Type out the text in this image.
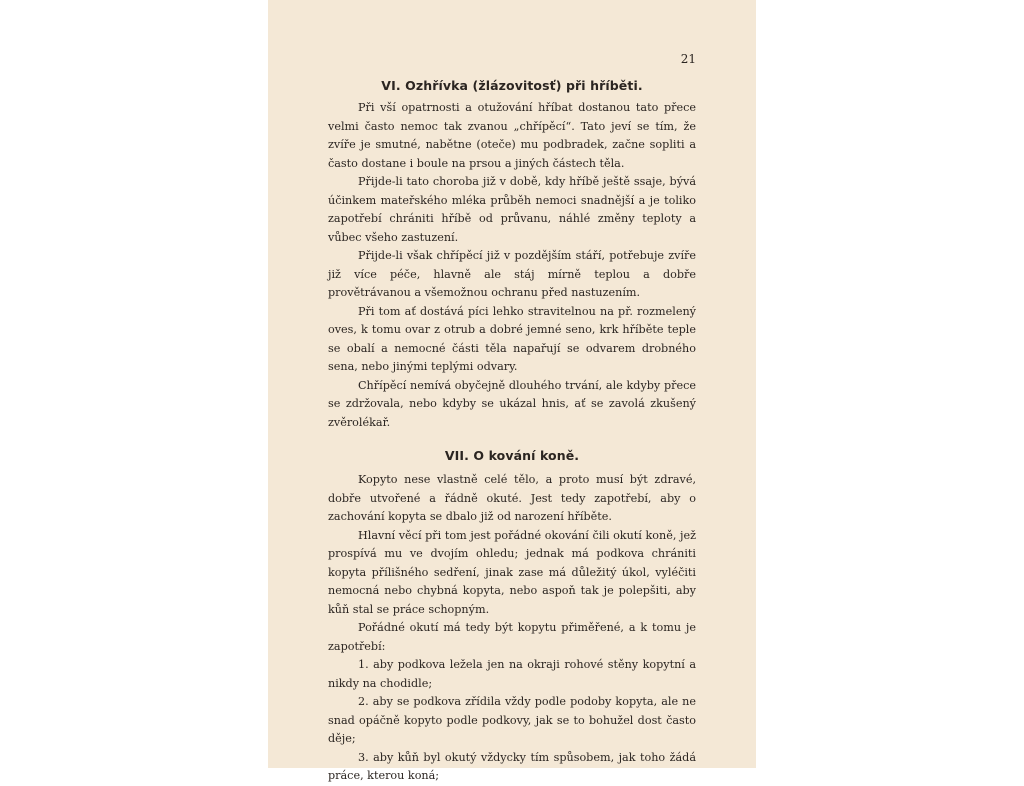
21

VI. Ozhřívka (žlázovitosť) při hříběti.

Při vší opatrnosti a otužování hříbat dostanou tato přece velmi často nemoc tak zvanou „chřípěcí“. Tato jeví se tím, že zvíře je smutné, nabětne (oteče) mu podbradek, začne sopliti a často dostane i boule na prsou a jiných částech těla.

Přijde-li tato choroba již v době, kdy hříbě ještě ssaje, bývá účinkem mateřského mléka průběh nemoci snadnější a je toliko zapotřebí chrániti hříbě od průvanu, náhlé změny teploty a vůbec všeho zastuzení.

Přijde-li však chřípěcí již v pozdějším stáří, potřebuje zvíře již více péče, hlavně ale stáj mírně teplou a dobře provětrávanou a všemožnou ochranu před nastuzením.

Při tom ať dostává píci lehko stravitelnou na př. rozmelený oves, k tomu ovar z otrub a dobré jemné seno, krk hříběte teple se obalí a nemocné části těla napařují se odvarem drobného sena, nebo jinými teplými odvary.

Chřípěcí nemívá obyčejně dlouhého trvání, ale kdyby přece se zdržovala, nebo kdyby se ukázal hnis, ať se zavolá zkušený zvěrolékař.

VII. O kování koně.

Kopyto nese vlastně celé tělo, a proto musí být zdravé, dobře utvořené a řádně okuté. Jest tedy zapotřebí, aby o zachování kopyta se dbalo již od narození hříběte.

Hlavní věcí při tom jest pořádné okování čili okutí koně, jež prospívá mu ve dvojím ohledu; jednak má podkova chrániti kopyta přílišného sedření, jinak zase má důležitý úkol, vyléčiti nemocná nebo chybná kopyta, nebo aspoň tak je polepšiti, aby kůň stal se práce schopným.

Pořádné okutí má tedy být kopytu přiměřené, a k tomu je zapotřebí:

1. aby podkova ležela jen na okraji rohové stěny kopytní a nikdy na chodidle;

2. aby se podkova zřídila vždy podle podoby kopyta, ale ne snad opáčně kopyto podle podkovy, jak se to bohužel dost často děje;

3. aby kůň byl okutý vždycky tím spůsobem, jak toho žádá práce, kterou koná;
